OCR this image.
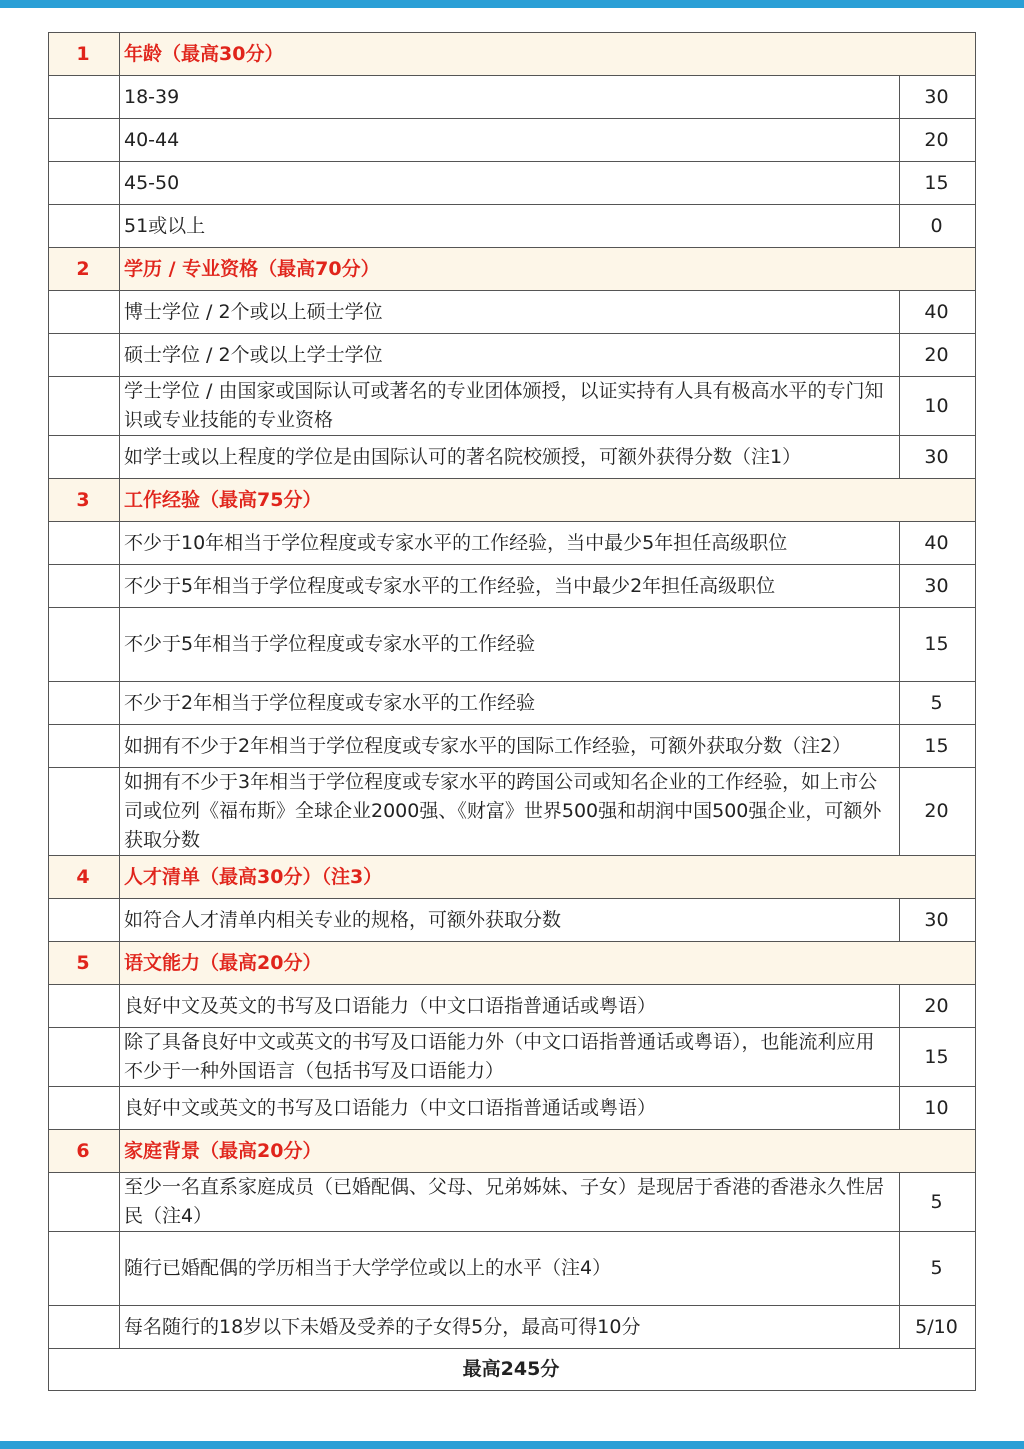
1	年龄（最高30分）	
	18-39	30
	40-44	20
	45-50	15
	51或以上	0
2	学历 / 专业资格（最高70分）	
	博士学位 / 2个或以上硕士学位	40
	硕士学位 / 2个或以上学士学位	20
	学士学位 / 由国家或国际认可或著名的专业团体颁授，以证实持有人具有极高水平的专门知识或专业技能的专业资格	10
	如学士或以上程度的学位是由国际认可的著名院校颁授，可额外获得分数（注1）	30
3	工作经验（最高75分）	
	不少于10年相当于学位程度或专家水平的工作经验，当中最少5年担任高级职位	40
	不少于5年相当于学位程度或专家水平的工作经验，当中最少2年担任高级职位	30
	不少于5年相当于学位程度或专家水平的工作经验	15
	不少于2年相当于学位程度或专家水平的工作经验	5
	如拥有不少于2年相当于学位程度或专家水平的国际工作经验，可额外获取分数（注2）	15
	如拥有不少于3年相当于学位程度或专家水平的跨国公司或知名企业的工作经验，如上市公司或位列《福布斯》全球企业2000强、《财富》世界500强和胡润中国500强企业，可额外获取分数	20
4	人才清单（最高30分）（注3）	
	如符合人才清单内相关专业的规格，可额外获取分数	30
5	语文能力（最高20分）	
	良好中文及英文的书写及口语能力（中文口语指普通话或粤语）	20
	除了具备良好中文或英文的书写及口语能力外（中文口语指普通话或粤语），也能流利应用不少于一种外国语言（包括书写及口语能力）	15
	良好中文或英文的书写及口语能力（中文口语指普通话或粤语）	10
6	家庭背景（最高20分）	
	至少一名直系家庭成员（已婚配偶、父母、兄弟姊妹、子女）是现居于香港的香港永久性居民（注4）	5
	随行已婚配偶的学历相当于大学学位或以上的水平（注4）	5
	每名随行的18岁以下未婚及受养的子女得5分，最高可得10分	5/10
最高245分		
